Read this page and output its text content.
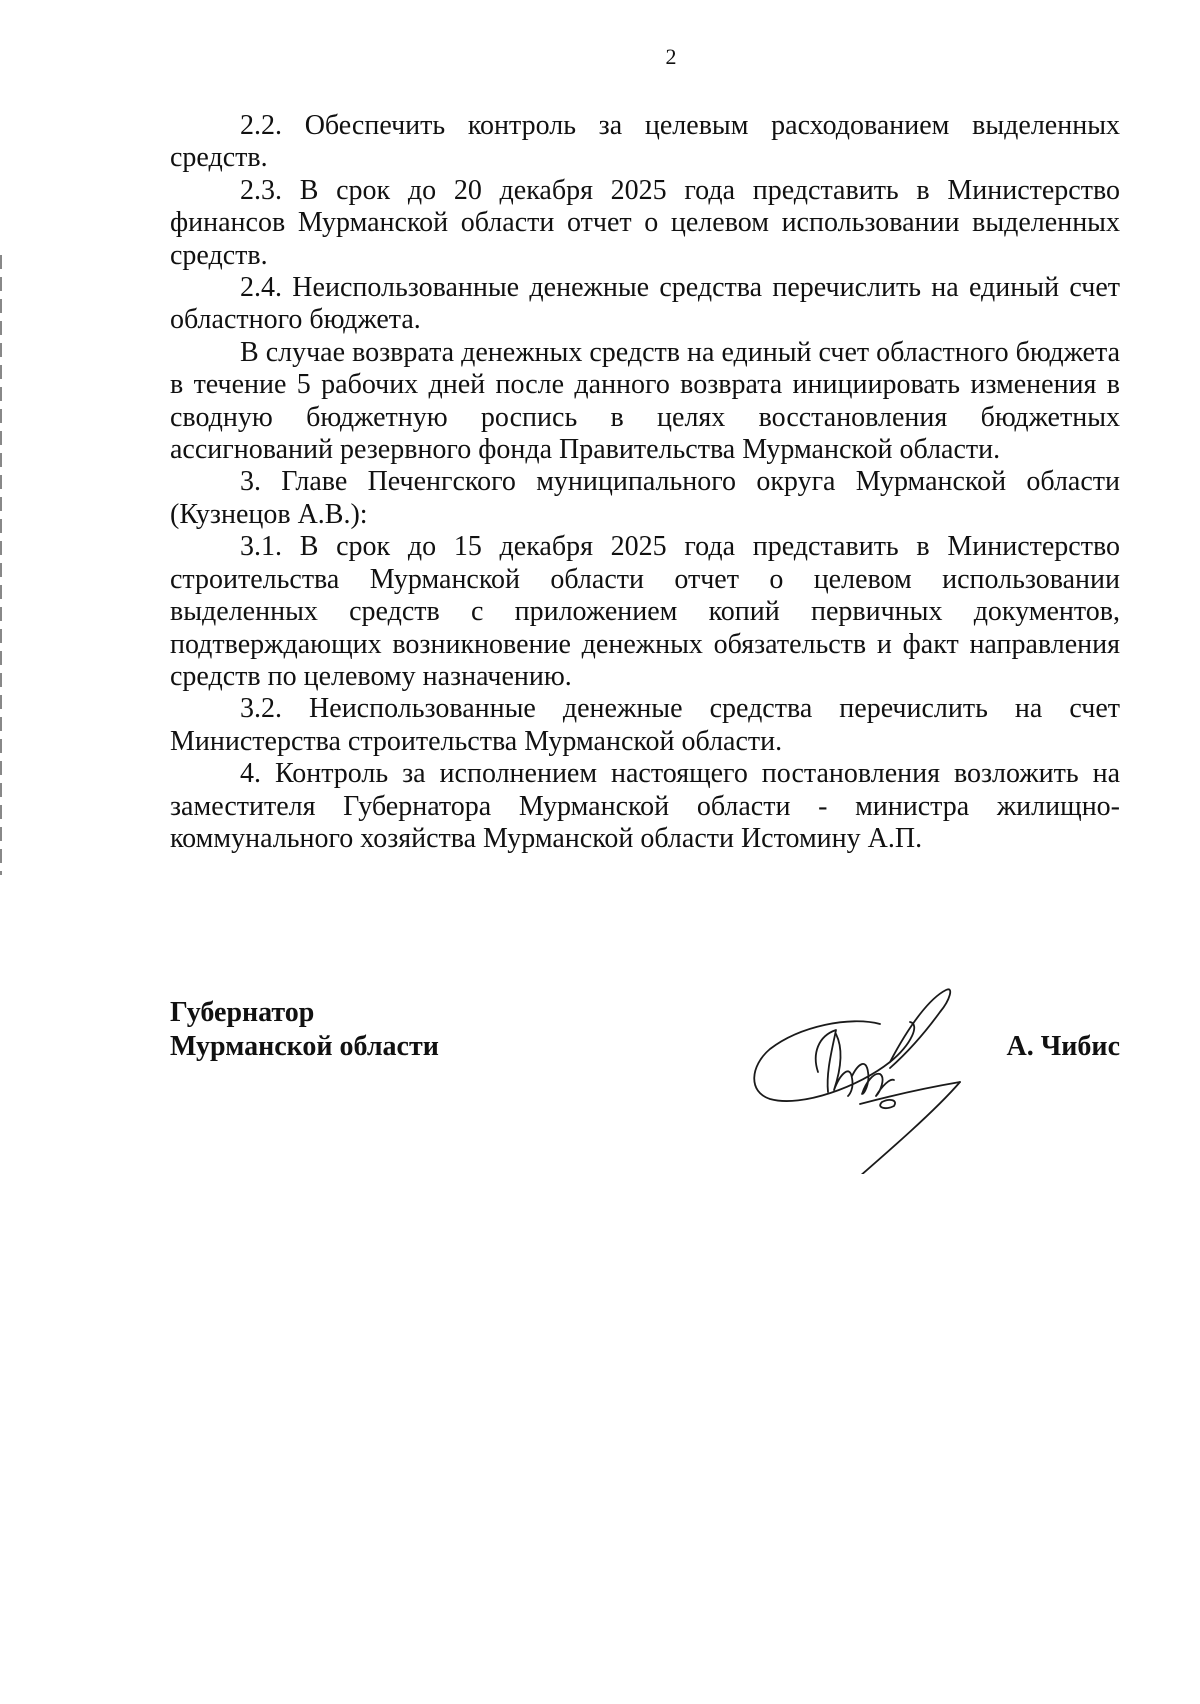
2

2.2. Обеспечить контроль за целевым расходованием выделенных средств.

2.3. В срок до 20 декабря 2025 года представить в Министерство финансов Мурманской области отчет о целевом использовании выделенных средств.

2.4. Неиспользованные денежные средства перечислить на единый счет областного бюджета.

В случае возврата денежных средств на единый счет областного бюджета в течение 5 рабочих дней после данного возврата инициировать изменения в сводную бюджетную роспись в целях восстановления бюджетных ассигнований резервного фонда Правительства Мурманской области.

3. Главе Печенгского муниципального округа Мурманской области (Кузнецов А.В.):

3.1. В срок до 15 декабря 2025 года представить в Министерство строительства Мурманской области отчет о целевом использовании выделенных средств с приложением копий первичных документов, подтверждающих возникновение денежных обязательств и факт направления средств по целевому назначению.

3.2. Неиспользованные денежные средства перечислить на счет Министерства строительства Мурманской области.

4. Контроль за исполнением настоящего постановления возложить на заместителя Губернатора Мурманской области - министра жилищно-коммунального хозяйства Мурманской области Истомину А.П.

Губернатор
Мурманской области	А. Чибис
